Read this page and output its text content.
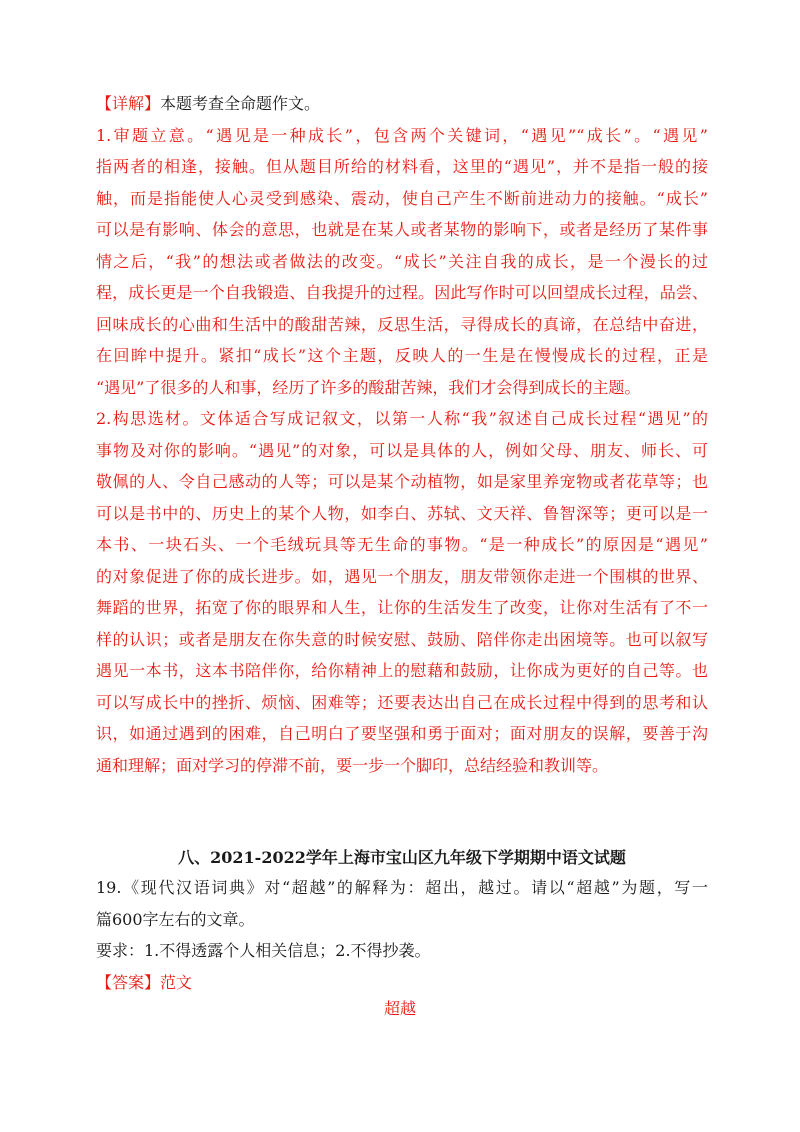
【详解】本题考查全命题作文。
1.审题立意。“遇见是一种成长”，包含两个关键词，“遇见”“成长”。“遇见”
指两者的相逢，接触。但从题目所给的材料看，这里的“遇见”，并不是指一般的接
触，而是指能使人心灵受到感染、震动，使自己产生不断前进动力的接触。“成长”
可以是有影响、体会的意思，也就是在某人或者某物的影响下，或者是经历了某件事
情之后，“我”的想法或者做法的改变。“成长”关注自我的成长，是一个漫长的过
程，成长更是一个自我锻造、自我提升的过程。因此写作时可以回望成长过程，品尝、
回味成长的心曲和生活中的酸甜苦辣，反思生活，寻得成长的真谛，在总结中奋进，
在回眸中提升。紧扣“成长”这个主题，反映人的一生是在慢慢成长的过程，正是
“遇见”了很多的人和事，经历了许多的酸甜苦辣，我们才会得到成长的主题。
2.构思选材。文体适合写成记叙文，以第一人称“我”叙述自己成长过程“遇见”的
事物及对你的影响。“遇见”的对象，可以是具体的人，例如父母、朋友、师长、可
敬佩的人、令自己感动的人等；可以是某个动植物，如是家里养宠物或者花草等；也
可以是书中的、历史上的某个人物，如李白、苏轼、文天祥、鲁智深等；更可以是一
本书、一块石头、一个毛绒玩具等无生命的事物。“是一种成长”的原因是“遇见”
的对象促进了你的成长进步。如，遇见一个朋友，朋友带领你走进一个围棋的世界、
舞蹈的世界，拓宽了你的眼界和人生，让你的生活发生了改变，让你对生活有了不一
样的认识；或者是朋友在你失意的时候安慰、鼓励、陪伴你走出困境等。也可以叙写
遇见一本书，这本书陪伴你，给你精神上的慰藉和鼓励，让你成为更好的自己等。也
可以写成长中的挫折、烦恼、困难等；还要表达出自己在成长过程中得到的思考和认
识，如通过遇到的困难，自己明白了要坚强和勇于面对；面对朋友的误解，要善于沟
通和理解；面对学习的停滞不前，要一步一个脚印，总结经验和教训等。
八、2021-2022学年上海市宝山区九年级下学期期中语文试题
19.《现代汉语词典》对“超越”的解释为：超出，越过。请以“超越”为题，写一
篇600字左右的文章。
要求：1.不得透露个人相关信息；2.不得抄袭。
【答案】范文
超越
